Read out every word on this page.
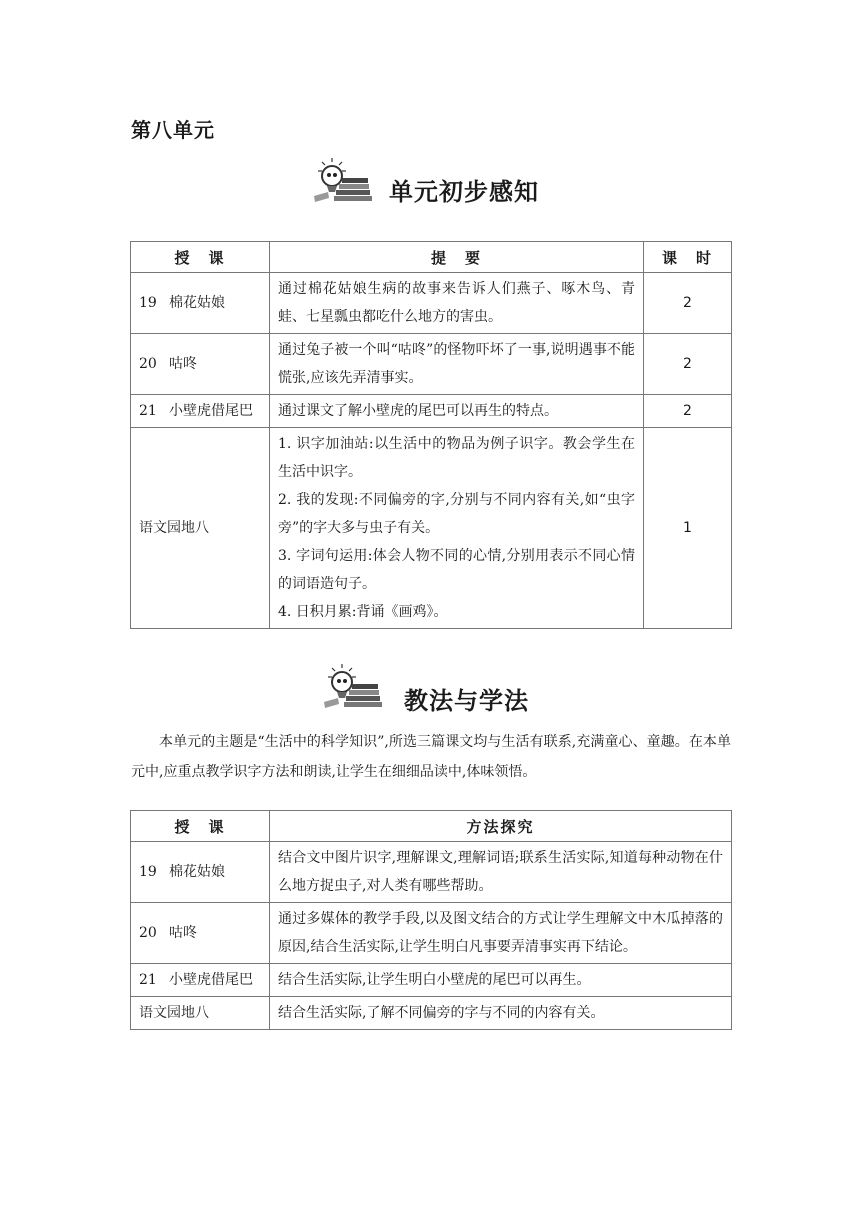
第八单元
单元初步感知
授　课	提　要	课　时
19 棉花姑娘	通过棉花姑娘生病的故事来告诉人们燕子、啄木鸟、青蛙、七星瓢虫都吃什么地方的害虫。	2
20 咕咚	通过兔子被一个叫“咕咚”的怪物吓坏了一事,说明遇事不能慌张,应该先弄清事实。	2
21 小壁虎借尾巴	通过课文了解小壁虎的尾巴可以再生的特点。	2
语文园地八	1. 识字加油站:以生活中的物品为例子识字。教会学生在生活中识字。
2. 我的发现:不同偏旁的字,分别与不同内容有关,如“虫字旁”的字大多与虫子有关。
3. 字词句运用:体会人物不同的心情,分别用表示不同心情的词语造句子。
4. 日积月累:背诵《画鸡》。	1
教法与学法
本单元的主题是“生活中的科学知识”,所选三篇课文均与生活有联系,充满童心、童趣。在本单元中,应重点教学识字方法和朗读,让学生在细细品读中,体味领悟。
授　课	方法探究
19 棉花姑娘	结合文中图片识字,理解课文,理解词语;联系生活实际,知道每种动物在什么地方捉虫子,对人类有哪些帮助。
20 咕咚	通过多媒体的教学手段,以及图文结合的方式让学生理解文中木瓜掉落的原因,结合生活实际,让学生明白凡事要弄清事实再下结论。
21 小壁虎借尾巴	结合生活实际,让学生明白小壁虎的尾巴可以再生。
语文园地八	结合生活实际,了解不同偏旁的字与不同的内容有关。
